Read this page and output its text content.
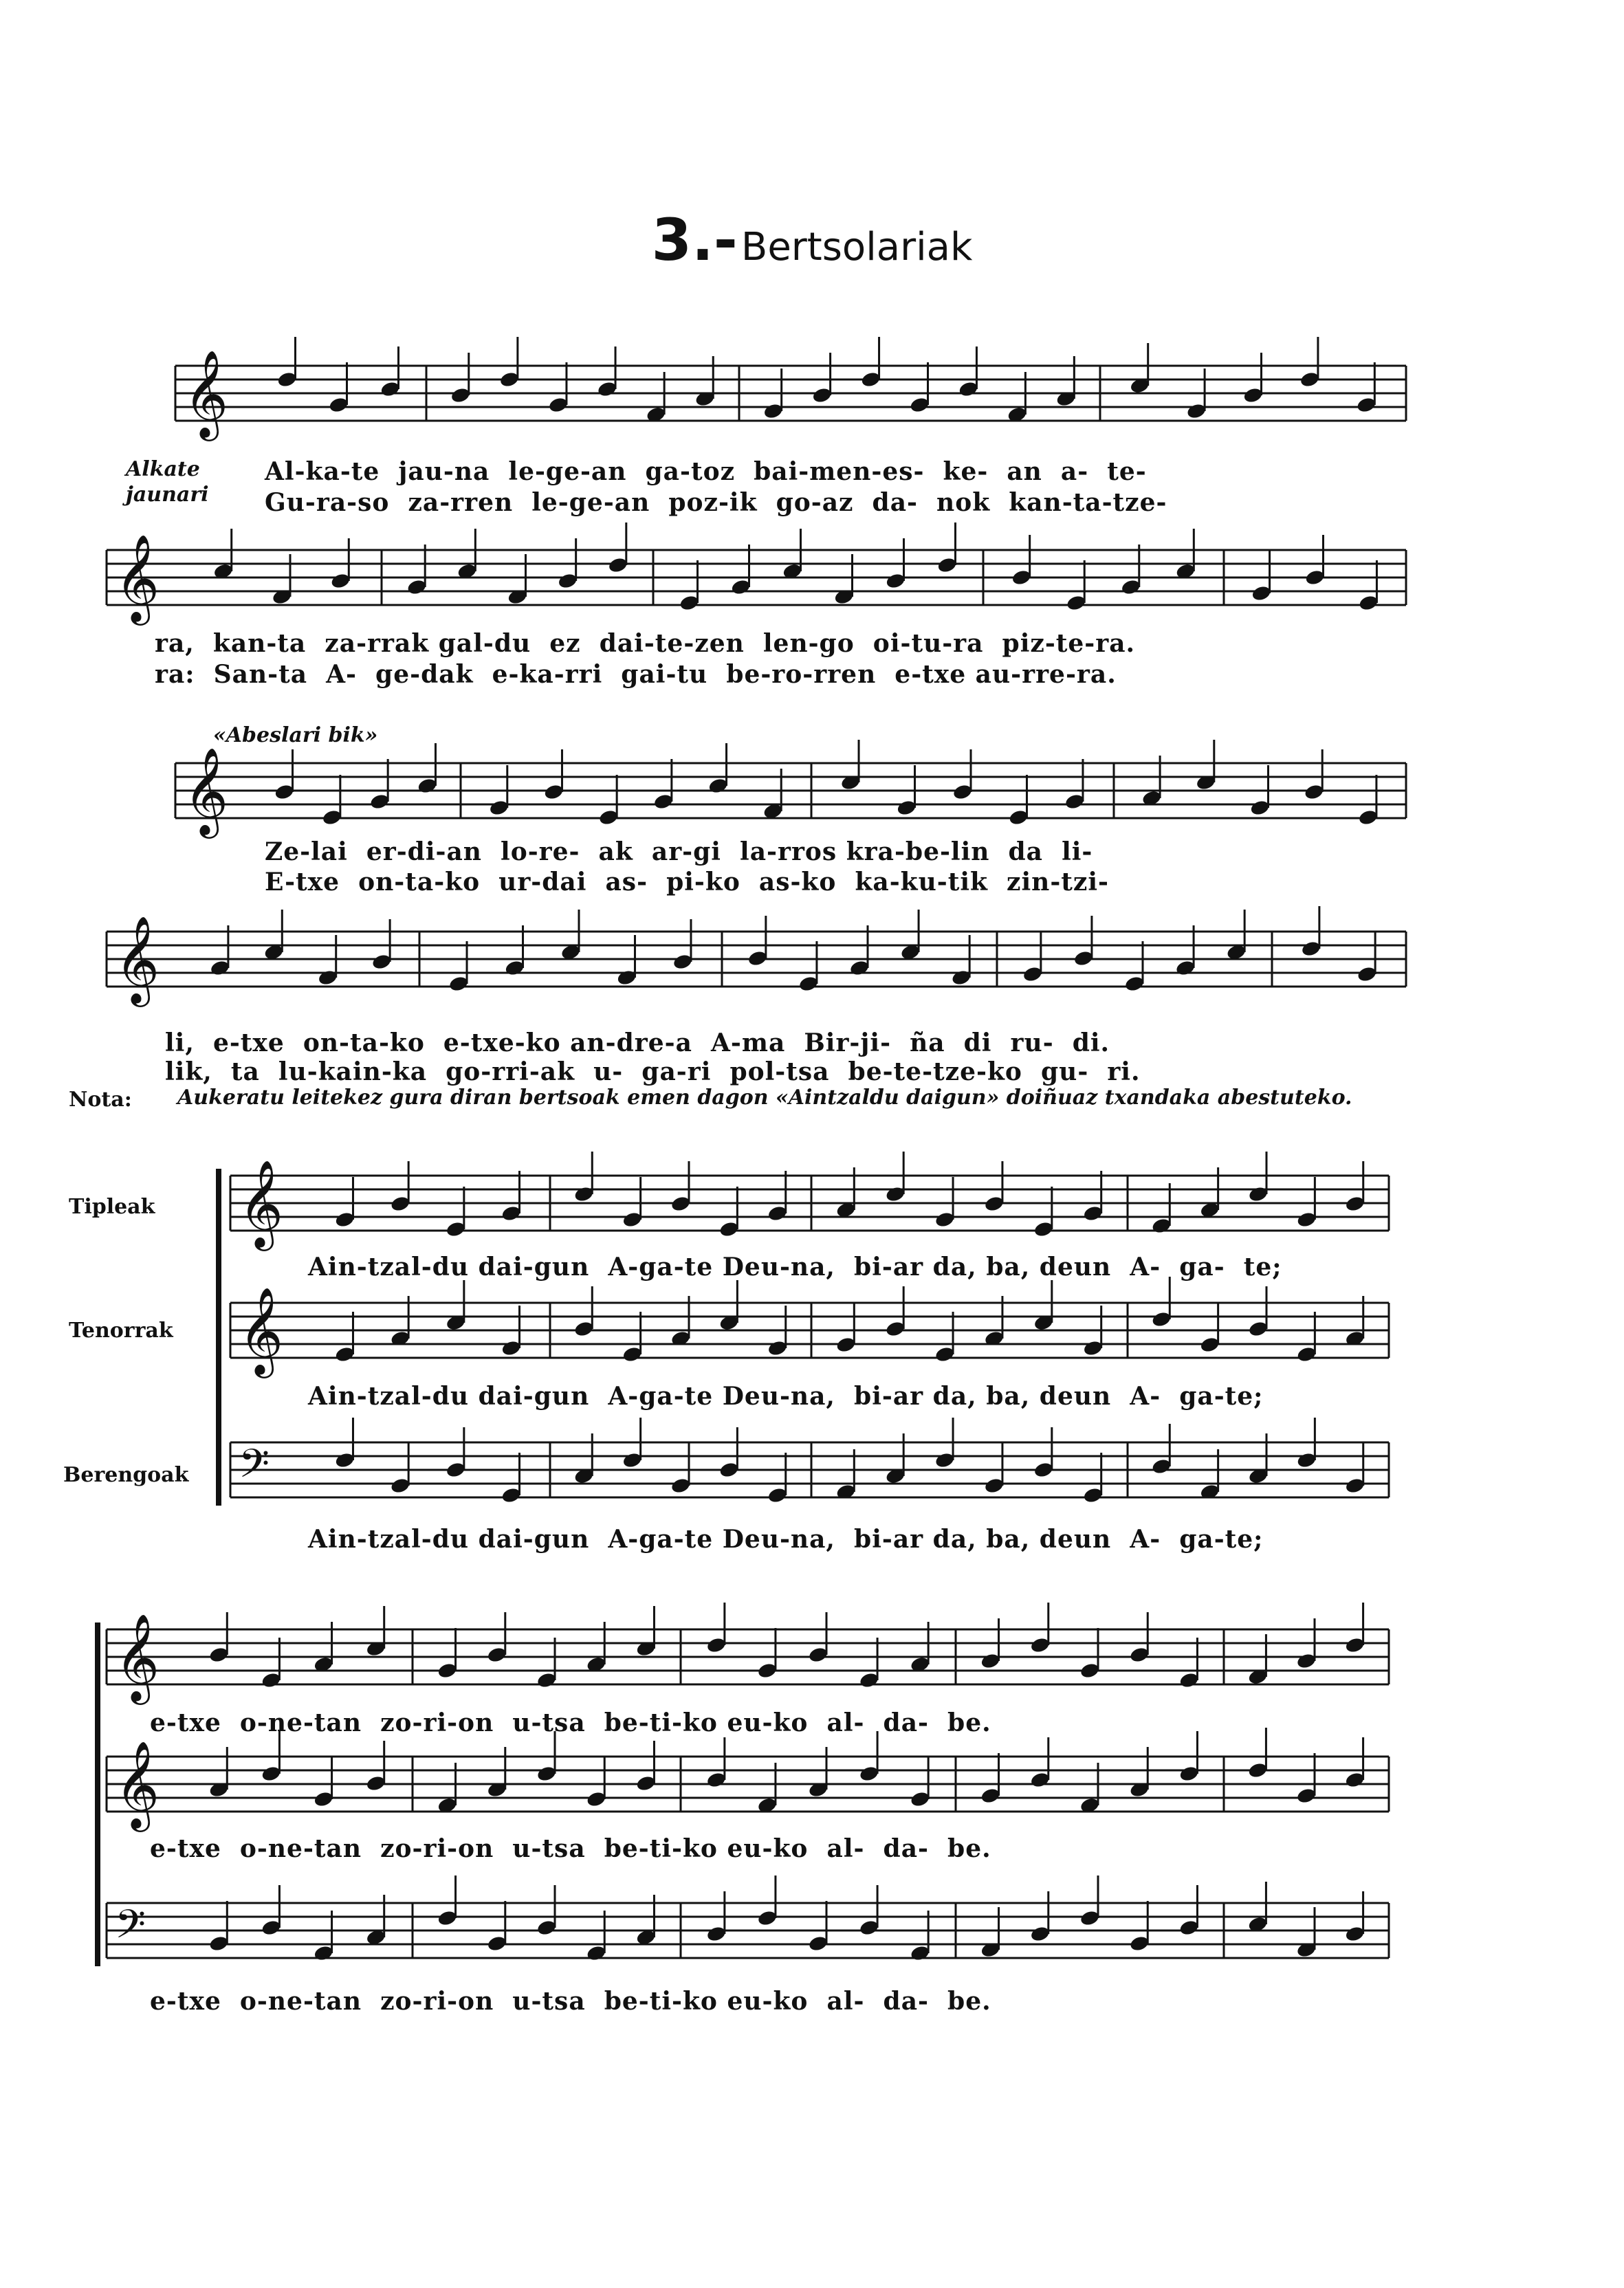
3.- Bertsolariak
𝄞
𝄞
𝄞
𝄞
𝄞
𝄞
𝄢
𝄞
𝄞
𝄢
Alkate
jaunari
Al-ka-te  jau-na  le-ge-an  ga-toz  bai-men-es-  ke-  an  a-  te-
Gu-ra-so  za-rren  le-ge-an  poz-ik  go-az  da-  nok  kan-ta-tze-
ra,  kan-ta  za-rrak gal-du  ez  dai-te-zen  len-go  oi-tu-ra  piz-te-ra.
ra:  San-ta  A-  ge-dak  e-ka-rri  gai-tu  be-ro-rren  e-txe au-rre-ra.
«Abeslari bik»
Ze-lai  er-di-an  lo-re-  ak  ar-gi  la-rros kra-be-lin  da  li-
E-txe  on-ta-ko  ur-dai  as-  pi-ko  as-ko  ka-ku-tik  zin-tzi-
li,  e-txe  on-ta-ko  e-txe-ko an-dre-a  A-ma  Bir-ji-  ña  di  ru-  di.
lik,  ta  lu-kain-ka  go-rri-ak  u-  ga-ri  pol-tsa  be-te-tze-ko  gu-  ri.
Nota: Aukeratu leitekez gura diran bertsoak emen dagon «Aintzaldu daigun» doiñuaz txandaka abestuteko.
Tipleak
Tenorrak
Berengoak
Ain-tzal-du dai-gun  A-ga-te Deu-na,  bi-ar da, ba, deun  A-  ga-  te;
Ain-tzal-du dai-gun  A-ga-te Deu-na,  bi-ar da, ba, deun  A-  ga-te;
Ain-tzal-du dai-gun  A-ga-te Deu-na,  bi-ar da, ba, deun  A-  ga-te;
e-txe  o-ne-tan  zo-ri-on  u-tsa  be-ti-ko eu-ko  al-  da-  be.
e-txe  o-ne-tan  zo-ri-on  u-tsa  be-ti-ko eu-ko  al-  da-  be.
e-txe  o-ne-tan  zo-ri-on  u-tsa  be-ti-ko eu-ko  al-  da-  be.
